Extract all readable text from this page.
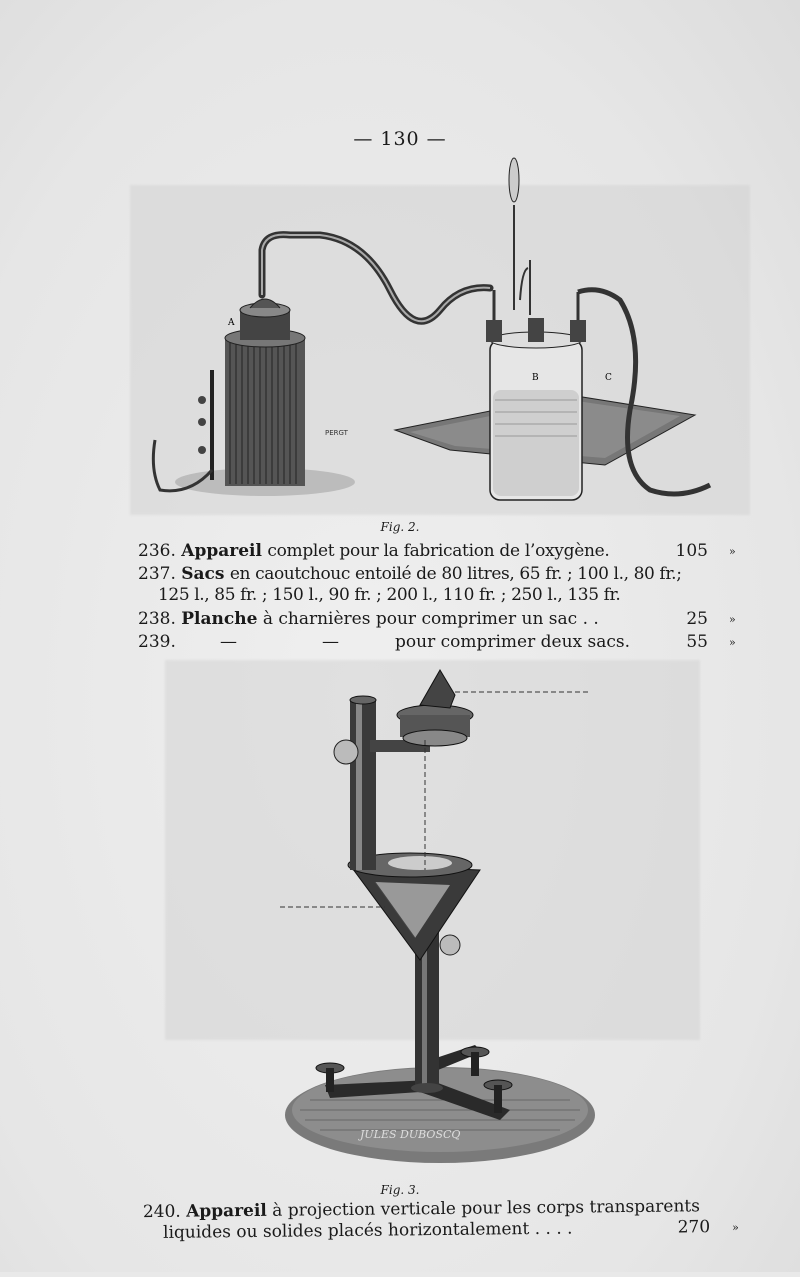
— 130 —
A
PERGT
B	C
Fig. 2.
236. Appareil complet pour la fabrication de l’oxygène.	105 »
237. Sacs en caoutchouc entoilé de 80 litres, 65 fr. ; 100 l., 80 fr.;
125 l., 85 fr. ; 150 l., 90 fr. ; 200 l., 110 fr. ; 250 l., 135 fr.
238. Planche à charnières pour comprimer un sac . .	25 »
239.	—	—	pour comprimer deux sacs.	55 »
JULES DUBOSCQ
Fig. 3.
240. Appareil à projection verticale pour les corps transparents
liquides ou solides placés horizontalement . . . .	270 »
